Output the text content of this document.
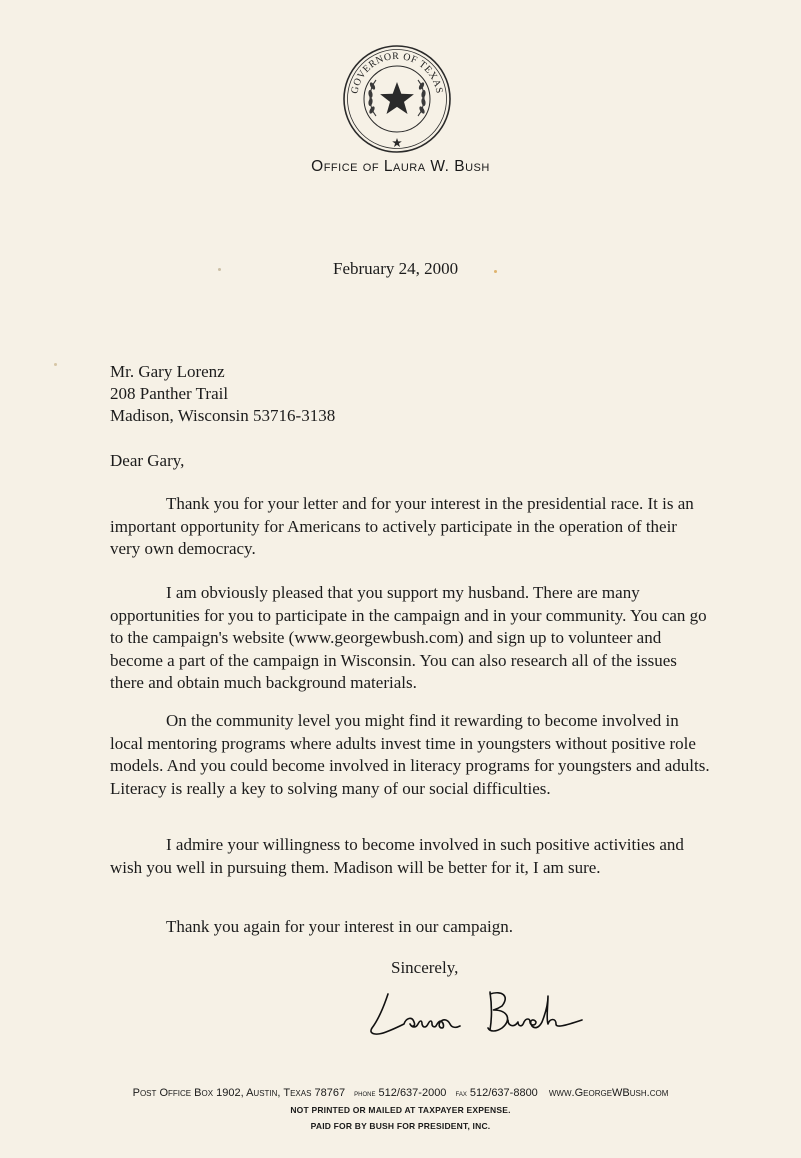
GOVERNOR OF TEXAS
Office of Laura W. Bush
February 24, 2000
Mr. Gary Lorenz
208 Panther Trail
Madison, Wisconsin 53716-3138
Dear Gary,

Thank you for your letter and for your interest in the presidential race. It is an important opportunity for Americans to actively participate in the operation of their very own democracy.

I am obviously pleased that you support my husband. There are many opportunities for you to participate in the campaign and in your community. You can go to the campaign's website (www.georgewbush.com) and sign up to volunteer and become a part of the campaign in Wisconsin. You can also research all of the issues there and obtain much background materials.

On the community level you might find it rewarding to become involved in local mentoring programs where adults invest time in youngsters without positive role models. And you could become involved in literacy programs for youngsters and adults. Literacy is really a key to solving many of our social difficulties.

I admire your willingness to become involved in such positive activities and wish you well in pursuing them. Madison will be better for it, I am sure.

Thank you again for your interest in our campaign.

Sincerely,
Post Office Box 1902, Austin, Texas 78767 phone 512/637-2000 fax 512/637-8800 www.GeorgeWBush.com
NOT PRINTED OR MAILED AT TAXPAYER EXPENSE.
PAID FOR BY BUSH FOR PRESIDENT, INC.
